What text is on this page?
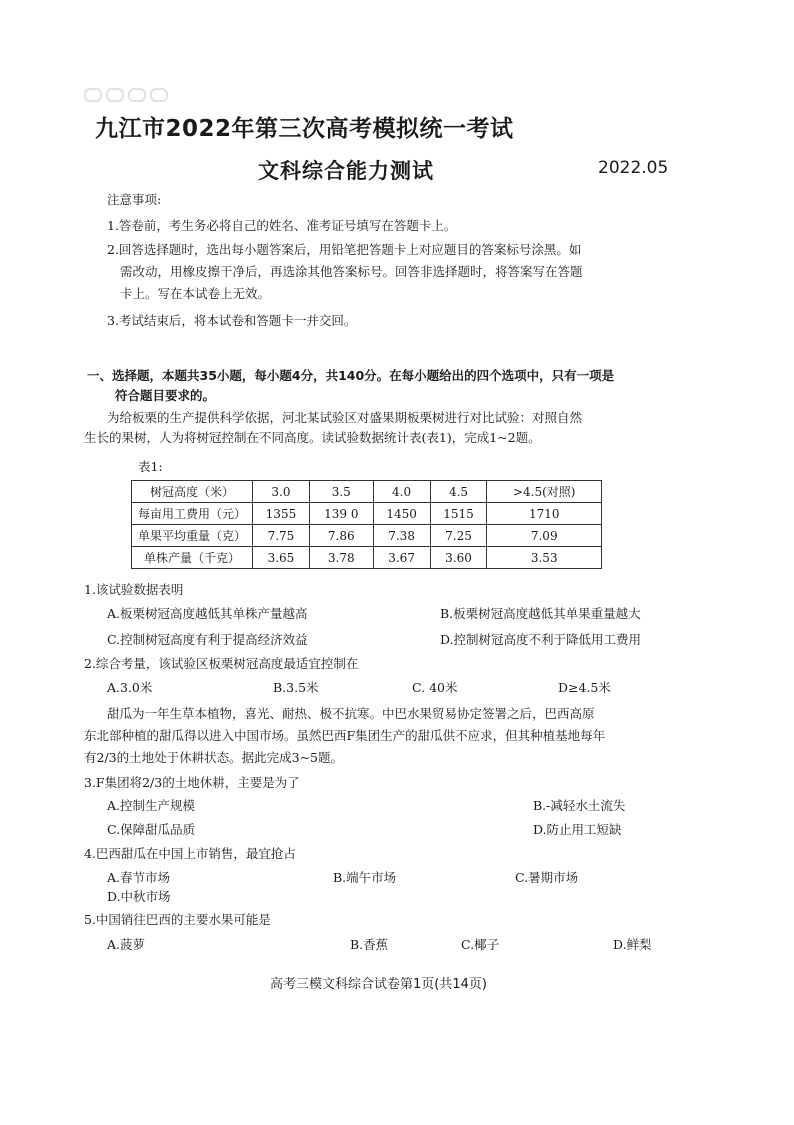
九江市2022年第三次高考模拟统一考试
文科综合能力测试	2022.05
注意事项:
1.答卷前，考生务必将自己的姓名、准考证号填写在答题卡上。
2.回答选择题时，选出每小题答案后，用铅笔把答题卡上对应题目的答案标号涂黑。如
需改动，用橡皮擦干净后，再选涂其他答案标号。回答非选择题时，将答案写在答题
卡上。写在本试卷上无效。
3.考试结束后，将本试卷和答题卡一并交回。
一、选择题，本题共35小题，每小题4分，共140分。在每小题给出的四个选项中，只有一项是
符合题目要求的。
为给板栗的生产提供科学依据，河北某试验区对盛果期板栗树进行对比试验：对照自然
生长的果树，人为将树冠控制在不同高度。读试验数据统计表(表1)，完成1~2题。
表1:
树冠高度（米）	3.0	3.5	4.0	4.5	>4.5(对照)
每亩用工费用（元）	1355	139 0	1450	1515	1710
单果平均重量（克）	7.75	7.86	7.38	7.25	7.09
单株产量（千克）	3.65	3.78	3.67	3.60	3.53
1.该试验数据表明
A.板栗树冠高度越低其单株产量越高	B.板栗树冠高度越低其单果重量越大
C.控制树冠高度有利于提高经济效益	D.控制树冠高度不利于降低用工费用
2.综合考量，该试验区板栗树冠高度最适宜控制在
A.3.0米	B.3.5米	C. 40米	D≥4.5米
甜瓜为一年生草本植物，喜光、耐热、极不抗寒。中巴水果贸易协定签署之后，巴西高原
东北部种植的甜瓜得以进入中国市场。虽然巴西F集团生产的甜瓜供不应求，但其种植基地每年
有2/3的土地处于休耕状态。据此完成3~5题。
3.F集团将2/3的土地休耕，主要是为了
A.控制生产规模	B.-减轻水土流失
C.保障甜瓜品质	D.防止用工短缺
4.巴西甜瓜在中国上市销售，最宜抢占
A.春节市场	B.端午市场	C.暑期市场
D.中秋市场
5.中国销往巴西的主要水果可能是
A.菠萝	B.香蕉	C.椰子	D.鲜梨
高考三模文科综合试卷第1页(共14页)
